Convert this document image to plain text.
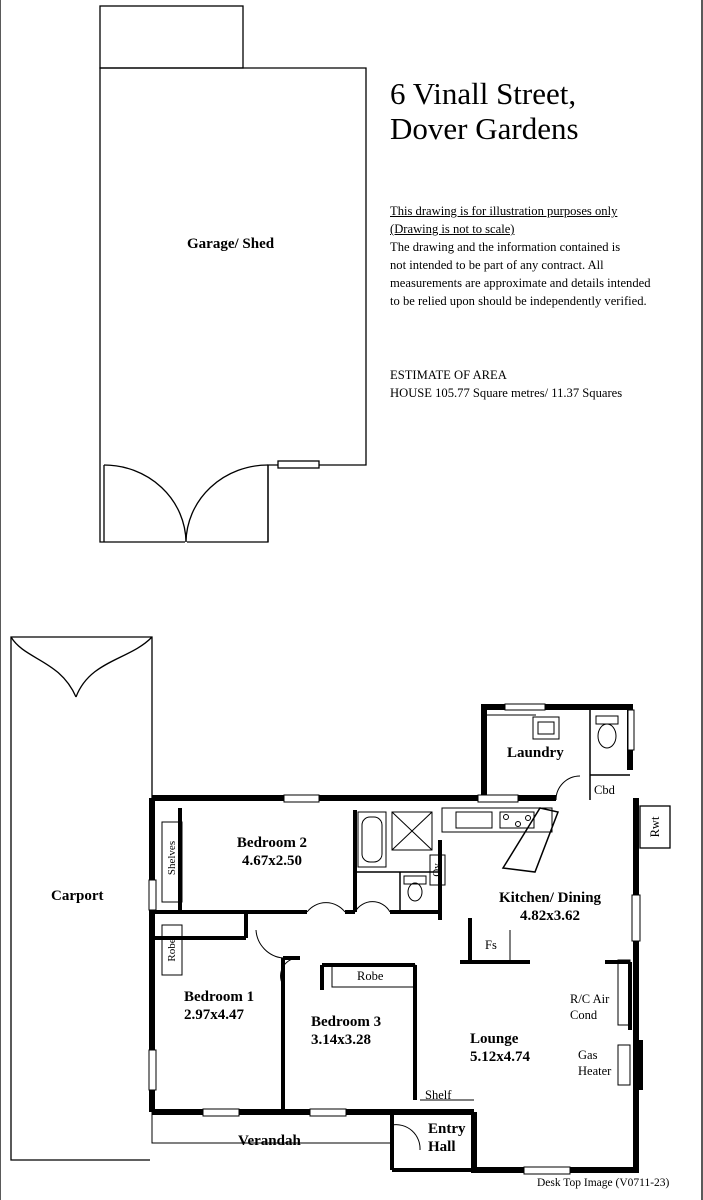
6 Vinall Street,
Dover Gardens
This drawing is for illustration purposes only
(Drawing is not to scale)
The drawing and the information contained is
not intended to be part of any contract. All
measurements are approximate and details intended
to be relied upon should be independently verified.
ESTIMATE OF AREA
HOUSE 105.77 Square metres/ 11.37 Squares
Garage/ Shed
Carport
Laundry
Bedroom 2
4.67x2.50
Bedroom 1
2.97x4.47	Bedroom 3
3.14x3.28
Kitchen/ Dining
4.82x3.62
Lounge
5.12x4.74
Verandah
Entry
Hall
Cbd
Rwt
Shelves
Robe
Robe
Ov
Fs
R/C Air
Cond
Gas
Heater
Shelf
Desk Top Image (V0711-23)
